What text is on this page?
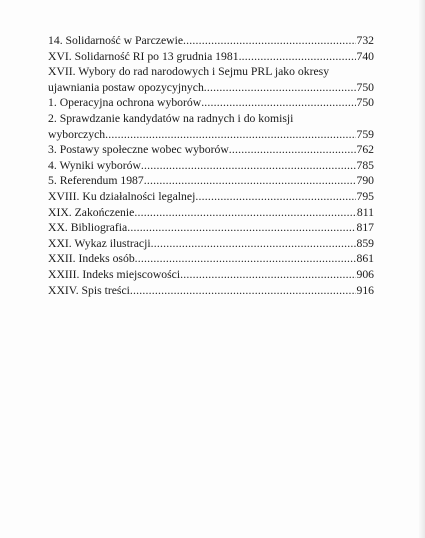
14. Solidarność w Parczewie .....	732
XVI. Solidarność RI po 13 grudnia 1981 .....	740
XVII. Wybory do rad narodowych i Sejmu PRL jako okresy
ujawniania postaw opozycyjnych .....	750
1. Operacyjna ochrona wyborów .....	750
2. Sprawdzanie kandydatów na radnych i do komisji
wyborczych .....	759
3. Postawy społeczne wobec wyborów .....	762
4. Wyniki wyborów .....	785
5. Referendum 1987 .....	790
XVIII. Ku działalności legalnej .....	795
XIX. Zakończenie .....	811
XX. Bibliografia .....	817
XXI. Wykaz ilustracji .....	859
XXII. Indeks osób .....	861
XXIII. Indeks miejscowości .....	906
XXIV. Spis treści .....	916
